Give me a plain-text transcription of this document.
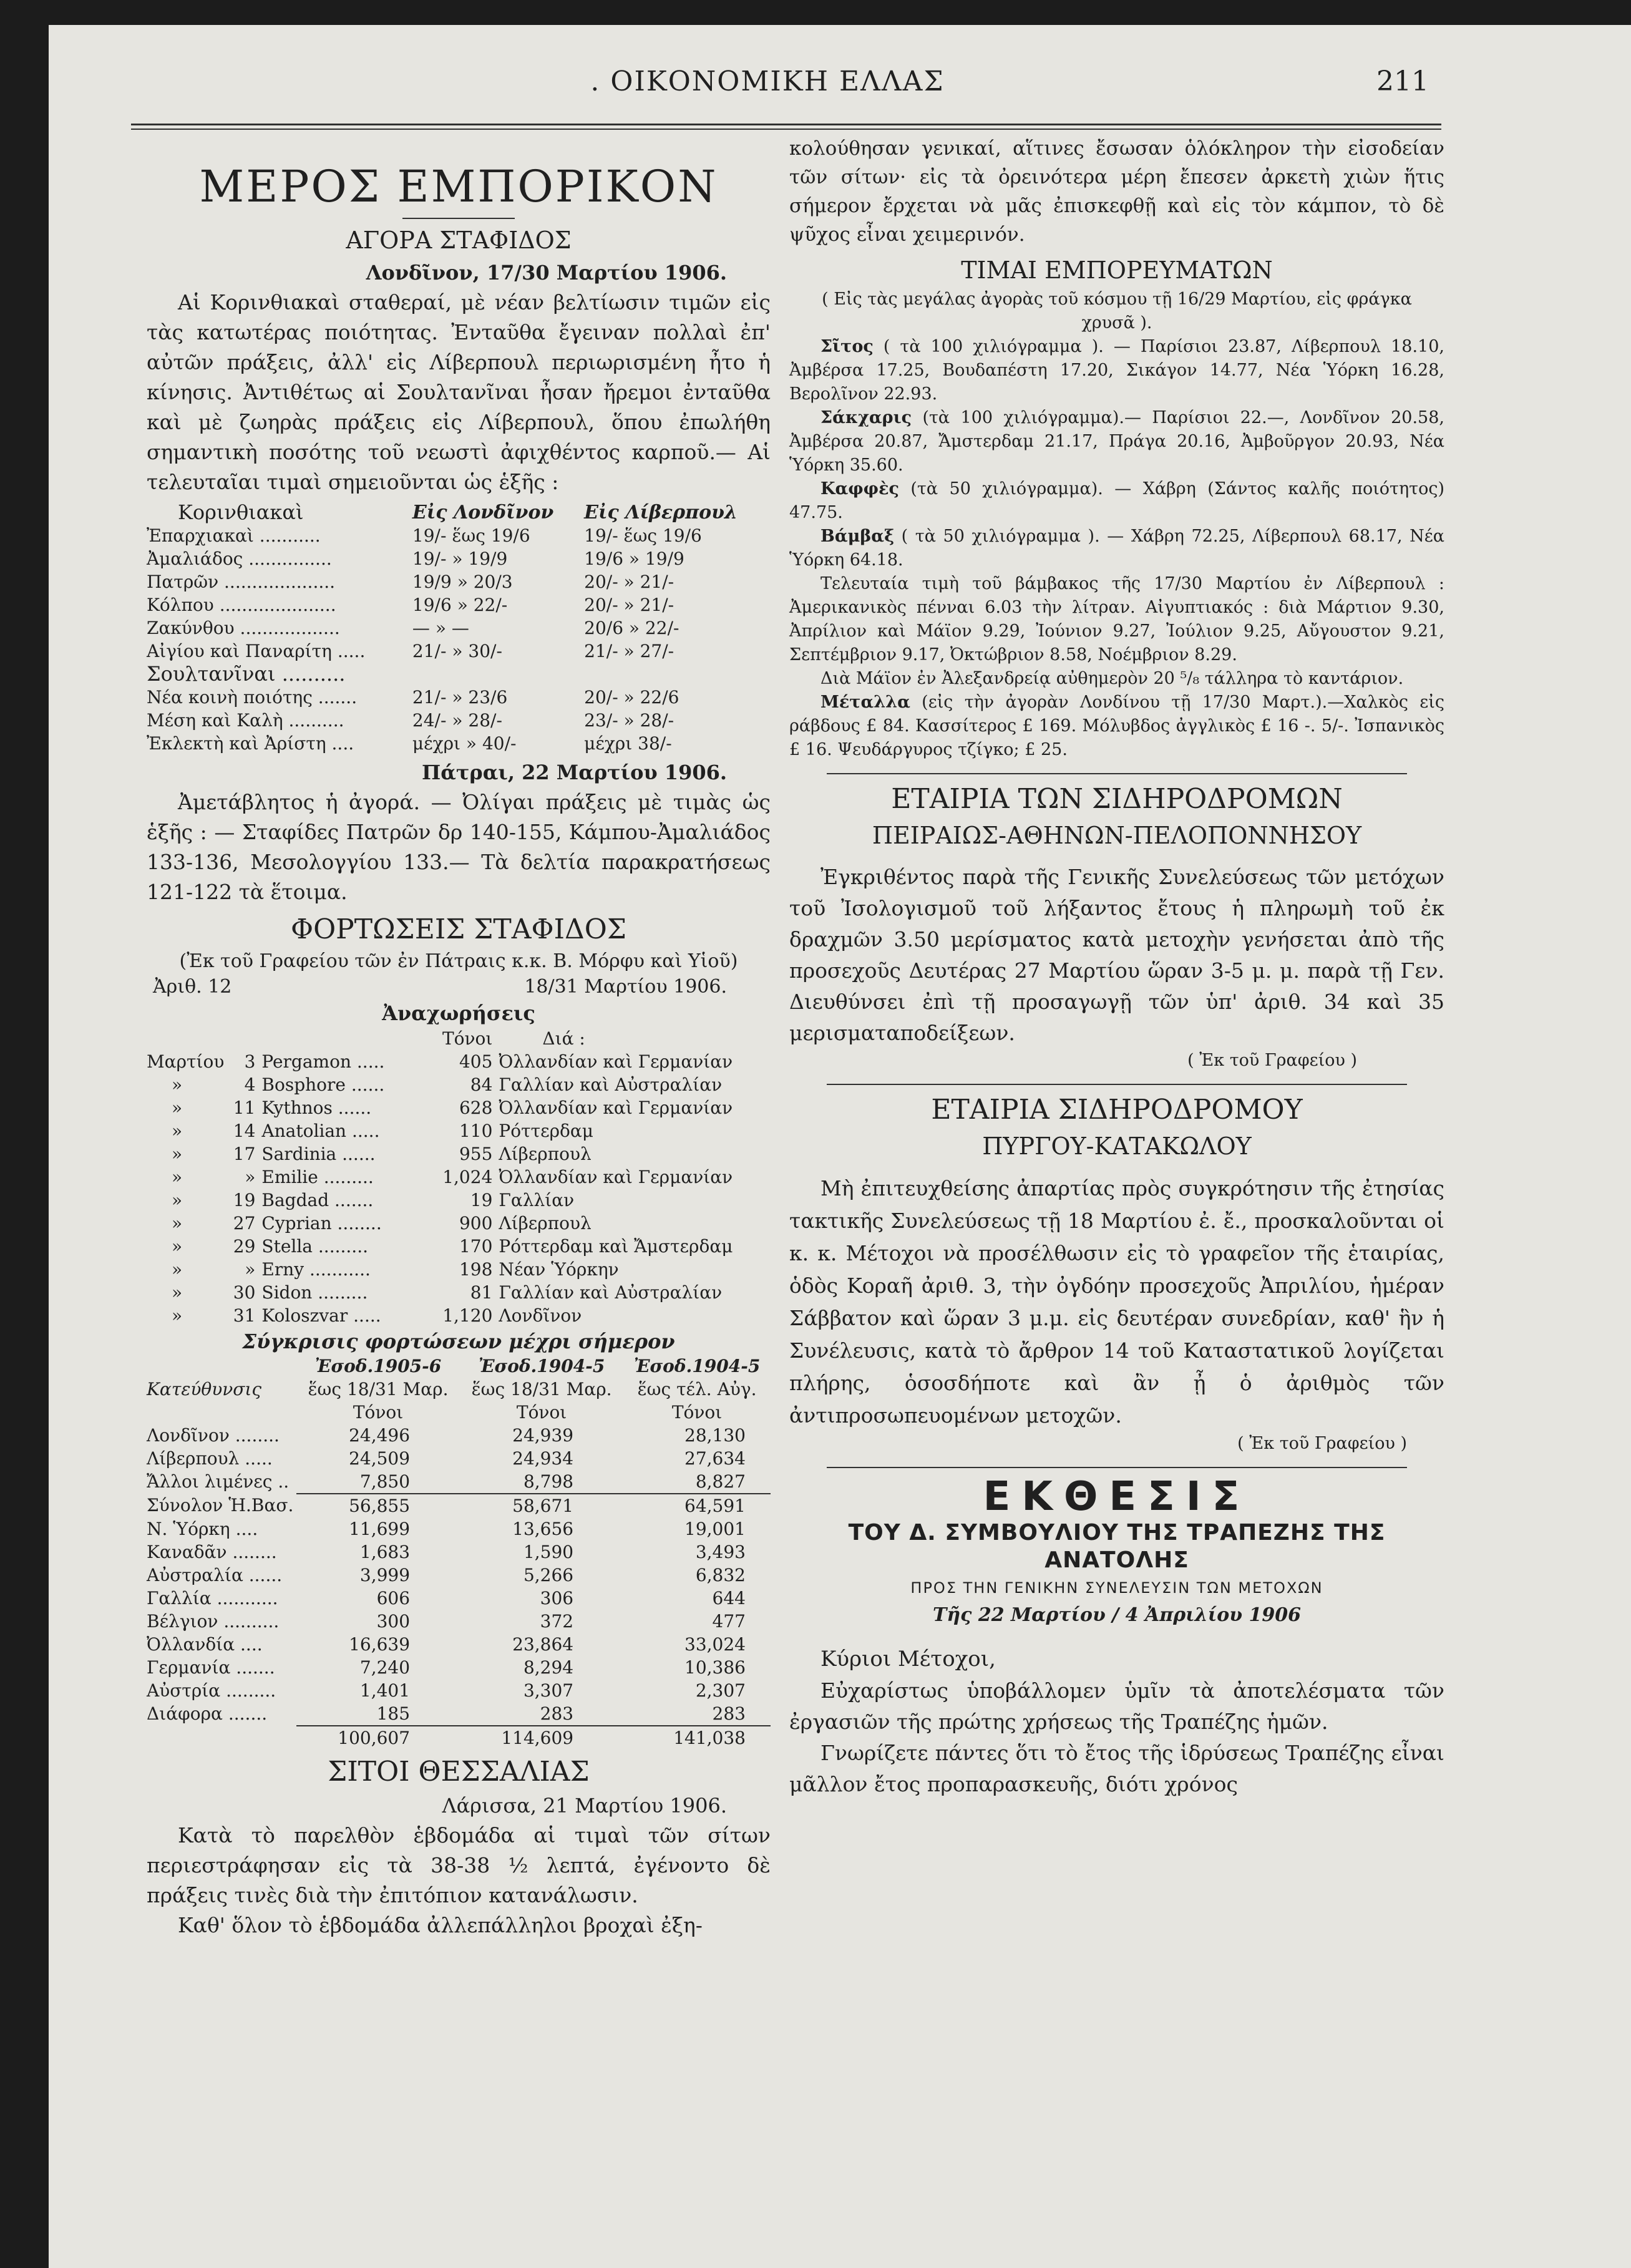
. ΟΙΚΟΝΟΜΙΚΗ ΕΛΛΑΣ	211
ΜΕΡΟΣ ΕΜΠΟΡΙΚΟΝ
ΑΓΟΡΑ ΣΤΑΦΙΔΟΣ
Λονδῖνον, 17/30 Μαρτίου 1906.

Αἱ Κορινθιακαὶ σταθεραί, μὲ νέαν βελτίωσιν τιμῶν εἰς τὰς κατωτέρας ποιότητας. Ἐνταῦθα ἔγειναν πολλαὶ ἐπ' αὐτῶν πράξεις, ἀλλ' εἰς Λίβερπουλ περιωρισμένη ἦτο ἡ κίνησις. Ἀντιθέτως αἱ Σουλτανῖναι ἦσαν ἤρεμοι ἐνταῦθα καὶ μὲ ζωηρὰς πράξεις εἰς Λίβερπουλ, ὅπου ἐπωλήθη σημαντικὴ ποσότης τοῦ νεωστὶ ἀφιχθέντος καρποῦ.— Αἱ τελευταῖαι τιμαὶ σημειοῦνται ὡς ἑξῆς :

Κορινθιακαὶ	Εἰς Λονδῖνον	Εἰς Λίβερπουλ
Ἐπαρχιακαὶ ...........	19/- ἕως 19/6	19/- ἕως 19/6
Ἀμαλιάδος ...............	19/- » 19/9	19/6 » 19/9
Πατρῶν ....................	19/9 » 20/3	20/- » 21/-
Κόλπου .....................	19/6 » 22/-	20/- » 21/-
Ζακύνθου ..................	— » —	20/6 » 22/-
Αἰγίου καὶ Παναρίτη .....	21/- » 30/-	21/- » 27/-
Σουλτανῖναι ..........		
Νέα κοινὴ ποιότης .......	21/- » 23/6	20/- » 22/6
Μέση καὶ Καλὴ ..........	24/- » 28/-	23/- » 28/-
Ἐκλεκτὴ καὶ Ἀρίστη ....	μέχρι » 40/-	μέχρι 38/-
Πάτραι, 22 Μαρτίου 1906.

Ἀμετάβλητος ἡ ἀγορά. — Ὀλίγαι πράξεις μὲ τιμὰς ὡς ἑξῆς : — Σταφίδες Πατρῶν δρ 140-155, Κάμπου-Ἀμαλιάδος 133-136, Μεσολογγίου 133.— Τὰ δελτία παρακρατήσεως 121-122 τὰ ἕτοιμα.

ΦΟΡΤΩΣΕΙΣ ΣΤΑΦΙΔΟΣ
(Ἐκ τοῦ Γραφείου τῶν ἐν Πάτραις κ.κ. Β. Μόρφυ καὶ Υἱοῦ)
Ἀριθ. 12	18/31 Μαρτίου 1906.
Ἀναχωρήσεις
			Τόνοι	Διά :
Μαρτίου	3	Pergamon .....	405	Ὀλλανδίαν καὶ Γερμανίαν
»	4	Bosphore ......	84	Γαλλίαν καὶ Αὐστραλίαν
»	11	Kythnos ......	628	Ὀλλανδίαν καὶ Γερμανίαν
»	14	Anatolian .....	110	Ρόττερδαμ
»	17	Sardinia ......	955	Λίβερπουλ
»	»	Emilie .........	1,024	Ὀλλανδίαν καὶ Γερμανίαν
»	19	Bagdad .......	19	Γαλλίαν
»	27	Cyprian ........	900	Λίβερπουλ
»	29	Stella .........	170	Ρόττερδαμ καὶ Ἄμστερδαμ
»	»	Erny ...........	198	Νέαν Ὑόρκην
»	30	Sidon .........	81	Γαλλίαν καὶ Αὐστραλίαν
»	31	Koloszvar .....	1,120	Λονδῖνον
Σύγκρισις φορτώσεων μέχρι σήμερον
	Ἐσοδ.1905-6	Ἐσοδ.1904-5	Ἐσοδ.1904-5
Κατεύθυνσις	ἕως 18/31 Μαρ.	ἕως 18/31 Μαρ.	ἕως τέλ. Αὐγ.
	Τόνοι	Τόνοι	Τόνοι
Λονδῖνον ........	24,496	24,939	28,130
Λίβερπουλ .....	24,509	24,934	27,634
Ἄλλοι λιμένες ..	7,850	8,798	8,827
Σύνολον Ἡ.Βασ.	56,855	58,671	64,591
Ν. Ὑόρκη ....	11,699	13,656	19,001
Καναδᾶν ........	1,683	1,590	3,493
Αὐστραλία ......	3,999	5,266	6,832
Γαλλία ...........	606	306	644
Βέλγιον ..........	300	372	477
Ὀλλανδία ....	16,639	23,864	33,024
Γερμανία .......	7,240	8,294	10,386
Αὐστρία .........	1,401	3,307	2,307
Διάφορα .......	185	283	283
	100,607	114,609	141,038
ΣΙΤΟΙ ΘΕΣΣΑΛΙΑΣ
Λάρισσα, 21 Μαρτίου 1906.

Κατὰ τὸ παρελθὸν ἑβδομάδα αἱ τιμαὶ τῶν σίτων περιεστράφησαν εἰς τὰ 38-38 ½ λεπτά, ἐγένοντο δὲ πράξεις τινὲς διὰ τὴν ἐπιτόπιον κατανάλωσιν.

Καθ' ὅλον τὸ ἑβδομάδα ἀλλεπάλληλοι βροχαὶ ἐξη-

κολούθησαν γενικαί, αἵτινες ἔσωσαν ὁλόκληρον τὴν εἰσοδείαν τῶν σίτων· εἰς τὰ ὀρεινότερα μέρη ἔπεσεν ἀρκετὴ χιὼν ἥτις σήμερον ἔρχεται νὰ μᾶς ἐπισκεφθῇ καὶ εἰς τὸν κάμπον, τὸ δὲ ψῦχος εἶναι χειμερινόν.

ΤΙΜΑΙ ΕΜΠΟΡΕΥΜΑΤΩΝ
( Εἰς τὰς μεγάλας ἀγορὰς τοῦ κόσμου τῇ 16/29 Μαρτίου, εἰς φράγκα χρυσᾶ ).

Σῖτος ( τὰ 100 χιλιόγραμμα ). — Παρίσιοι 23.87, Λίβερπουλ 18.10, Ἀμβέρσα 17.25, Βουδαπέστη 17.20, Σικάγον 14.77, Νέα Ὑόρκη 16.28, Βερολῖνον 22.93.

Σάκχαρις (τὰ 100 χιλιόγραμμα).— Παρίσιοι 22.—, Λονδῖνον 20.58, Ἀμβέρσα 20.87, Ἄμστερδαμ 21.17, Πράγα 20.16, Ἀμβοῦργον 20.93, Νέα Ὑόρκη 35.60.

Καφφὲς (τὰ 50 χιλιόγραμμα). — Χάβρη (Σάντος καλῆς ποιότητος) 47.75.

Βάμβαξ ( τὰ 50 χιλιόγραμμα ). — Χάβρη 72.25, Λίβερπουλ 68.17, Νέα Ὑόρκη 64.18.

Τελευταία τιμὴ τοῦ βάμβακος τῆς 17/30 Μαρτίου ἐν Λίβερπουλ : Ἀμερικανικὸς πένναι 6.03 τὴν λίτραν. Αἰγυπτιακός : διὰ Μάρτιον 9.30, Ἀπρίλιον καὶ Μάϊον 9.29, Ἰούνιον 9.27, Ἰούλιον 9.25, Αὔγουστον 9.21, Σεπτέμβριον 9.17, Ὀκτώβριον 8.58, Νοέμβριον 8.29.

Διὰ Μάϊον ἐν Ἀλεξανδρείᾳ αὐθημερὸν 20 ⁵/₈ τάλληρα τὸ καντάριον.

Μέταλλα (εἰς τὴν ἀγορὰν Λονδίνου τῇ 17/30 Μαρτ.).—Χαλκὸς εἰς ράβδους £ 84. Κασσίτερος £ 169. Μόλυβδος ἀγγλικὸς £ 16 -. 5/-. Ἰσπανικὸς £ 16. Ψευδάργυρος τζίγκο; £ 25.

ΕΤΑΙΡΙΑ ΤΩΝ ΣΙΔΗΡΟΔΡΟΜΩΝ
ΠΕΙΡΑΙΩΣ-ΑΘΗΝΩΝ-ΠΕΛΟΠΟΝΝΗΣΟΥ

Ἐγκριθέντος παρὰ τῆς Γενικῆς Συνελεύσεως τῶν μετόχων τοῦ Ἰσολογισμοῦ τοῦ λήξαντος ἔτους ἡ πληρωμὴ τοῦ ἐκ δραχμῶν 3.50 μερίσματος κατὰ μετοχὴν γενήσεται ἀπὸ τῆς προσεχοῦς Δευτέρας 27 Μαρτίου ὥραν 3-5 μ. μ. παρὰ τῇ Γεν. Διευθύνσει ἐπὶ τῇ προσαγωγῇ τῶν ὑπ' ἀριθ. 34 καὶ 35 μερισματαποδείξεων.

( Ἐκ τοῦ Γραφείου )
ΕΤΑΙΡΙΑ ΣΙΔΗΡΟΔΡΟΜΟΥ
ΠΥΡΓΟΥ-ΚΑΤΑΚΩΛΟΥ

Μὴ ἐπιτευχθείσης ἀπαρτίας πρὸς συγκρότησιν τῆς ἐτησίας τακτικῆς Συνελεύσεως τῇ 18 Μαρτίου ἐ. ἔ., προσκαλοῦνται οἱ κ. κ. Μέτοχοι νὰ προσέλθωσιν εἰς τὸ γραφεῖον τῆς ἑταιρίας, ὁδὸς Κοραῆ ἀριθ. 3, τὴν ὀγδόην προσεχοῦς Ἀπριλίου, ἡμέραν Σάββατον καὶ ὥραν 3 μ.μ. εἰς δευτέραν συνεδρίαν, καθ' ἣν ἡ Συνέλευσις, κατὰ τὸ ἄρθρον 14 τοῦ Καταστατικοῦ λογίζεται πλήρης, ὁσοσδήποτε καὶ ἂν ᾖ ὁ ἀριθμὸς τῶν ἀντιπροσωπευομένων μετοχῶν.

( Ἐκ τοῦ Γραφείου )
ΕΚΘΕΣΙΣ
ΤΟΥ Δ. ΣΥΜΒΟΥΛΙΟΥ ΤΗΣ ΤΡΑΠΕΖΗΣ ΤΗΣ ΑΝΑΤΟΛΗΣ
ΠΡΟΣ ΤΗΝ ΓΕΝΙΚΗΝ ΣΥΝΕΛΕΥΣΙΝ ΤΩΝ ΜΕΤΟΧΩΝ
Τῆς 22 Μαρτίου / 4 Ἀπριλίου 1906

Κύριοι Μέτοχοι,

Εὐχαρίστως ὑποβάλλομεν ὑμῖν τὰ ἀποτελέσματα τῶν ἐργασιῶν τῆς πρώτης χρήσεως τῆς Τραπέζης ἡμῶν.

Γνωρίζετε πάντες ὅτι τὸ ἔτος τῆς ἱδρύσεως Τραπέζης εἶναι μᾶλλον ἔτος προπαρασκευῆς, διότι χρόνος
